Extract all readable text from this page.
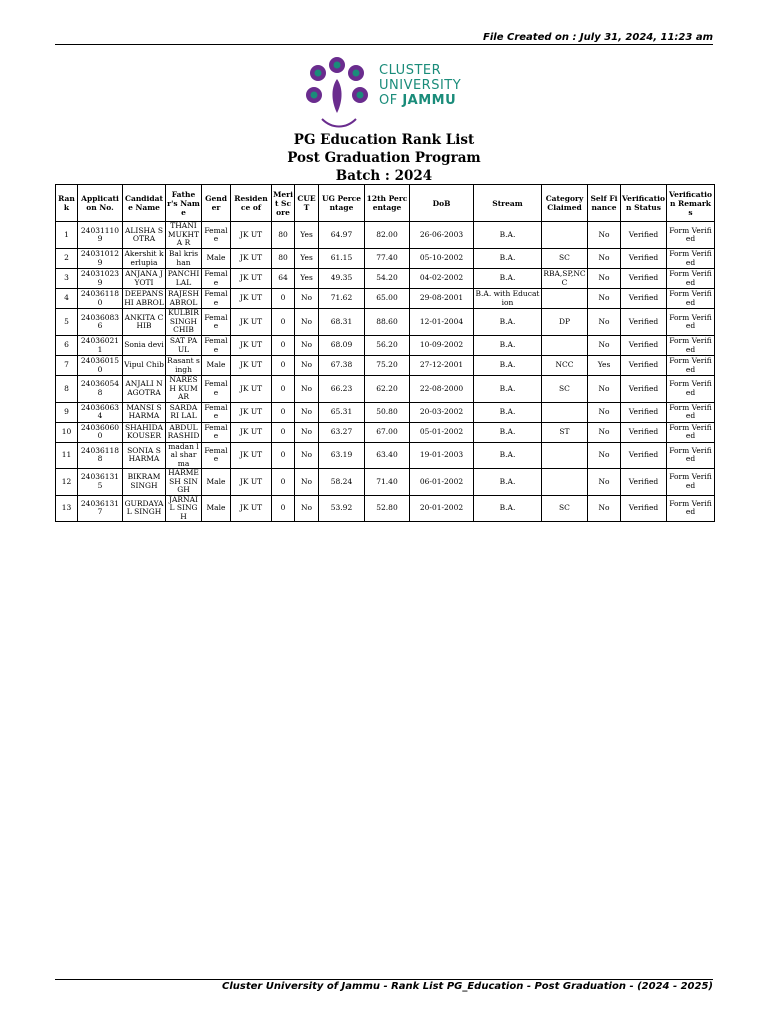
File Created on : July 31, 2024, 11:23 am
CLUSTER
UNIVERSITY
OF JAMMU
PG Education Rank List
Post Graduation Program
Batch : 2024
Rank	Application No.	Candidate Name	Father's Name	Gender	Residence of	Merit Score	CUET	UG Percentage	12th Percentage	DoB	Stream	Category Claimed	Self Finance	Verification Status	Verification Remarks
1	240311109	ALISHA SOTRA	THANI MUKHTA R	Female	JK UT	80	Yes	64.97	82.00	26-06-2003	B.A.		No	Verified	Form Verified
2	240310129	Akershit kerlupia	Bal krishan	Male	JK UT	80	Yes	61.15	77.40	05-10-2002	B.A.	SC	No	Verified	Form Verified
3	240310239	ANJANA JYOTI	PANCHI LAL	Female	JK UT	64	Yes	49.35	54.20	04-02-2002	B.A.	RBA,SP,NCC	No	Verified	Form Verified
4	240361180	DEEPANSHI ABROL	RAJESH ABROL	Female	JK UT	0	No	71.62	65.00	29-08-2001	B.A. with Education		No	Verified	Form Verified
5	240360836	ANKITA CHIB	KULBIR SINGH CHIB	Female	JK UT	0	No	68.31	88.60	12-01-2004	B.A.	DP	No	Verified	Form Verified
6	240360211	Sonia devi	SAT PAUL	Female	JK UT	0	No	68.09	56.20	10-09-2002	B.A.		No	Verified	Form Verified
7	240360150	Vipul Chib	Rasant singh	Male	JK UT	0	No	67.38	75.20	27-12-2001	B.A.	NCC	Yes	Verified	Form Verified
8	240360548	ANJALI NAGOTRA	NARESH KUMAR	Female	JK UT	0	No	66.23	62.20	22-08-2000	B.A.	SC	No	Verified	Form Verified
9	240360634	MANSI SHARMA	SARDARI LAL	Female	JK UT	0	No	65.31	50.80	20-03-2002	B.A.		No	Verified	Form Verified
10	240360600	SHAHIDA KOUSER	ABDUL RASHID	Female	JK UT	0	No	63.27	67.00	05-01-2002	B.A.	ST	No	Verified	Form Verified
11	240361188	SONIA SHARMA	madan lal sharma	Female	JK UT	0	No	63.19	63.40	19-01-2003	B.A.		No	Verified	Form Verified
12	240361315	BIKRAM SINGH	HARMESH SINGH	Male	JK UT	0	No	58.24	71.40	06-01-2002	B.A.		No	Verified	Form Verified
13	240361317	GURDAYAL SINGH	JARNAIL SINGH	Male	JK UT	0	No	53.92	52.80	20-01-2002	B.A.	SC	No	Verified	Form Verified
Cluster University of Jammu - Rank List PG_Education - Post Graduation - (2024 - 2025)
